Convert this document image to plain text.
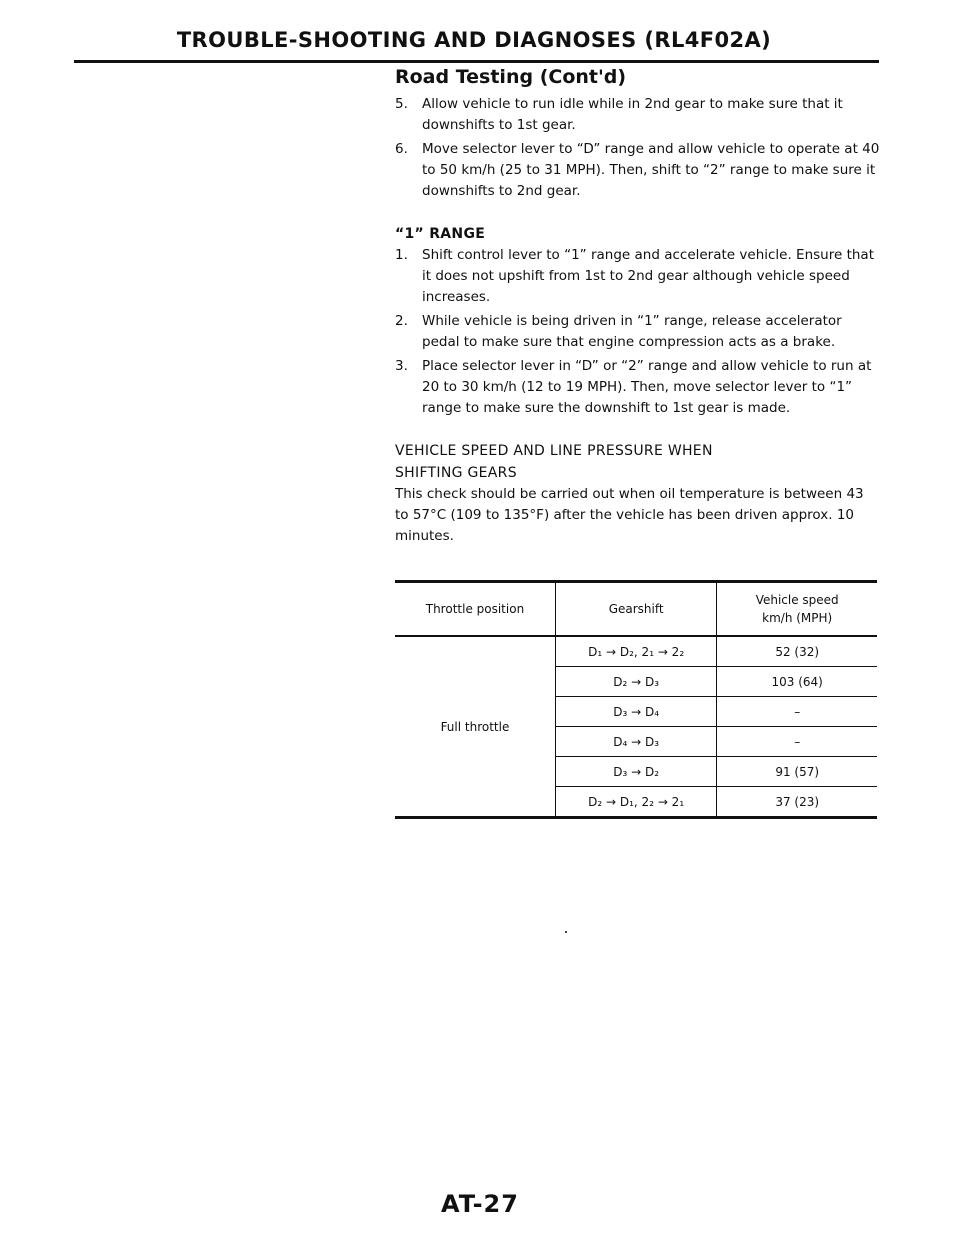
TROUBLE-SHOOTING AND DIAGNOSES (RL4F02A)
Road Testing (Cont'd)
5.	Allow vehicle to run idle while in 2nd gear to make sure that it downshifts to 1st gear.
6.	Move selector lever to “D” range and allow vehicle to operate at 40 to 50 km/h (25 to 31 MPH). Then, shift to “2” range to make sure it downshifts to 2nd gear.
“1” RANGE
1.	Shift control lever to “1” range and accelerate vehicle. Ensure that it does not upshift from 1st to 2nd gear although vehicle speed increases.
2.	While vehicle is being driven in “1” range, release accelerator pedal to make sure that engine compression acts as a brake.
3.	Place selector lever in “D” or “2” range and allow vehicle to run at 20 to 30 km/h (12 to 19 MPH). Then, move selector lever to “1” range to make sure the downshift to 1st gear is made.
VEHICLE SPEED AND LINE PRESSURE WHEN
SHIFTING GEARS
This check should be carried out when oil temperature is between 43 to 57°C (109 to 135°F) after the vehicle has been driven approx. 10 minutes.
Throttle position	Gearshift	Vehicle speed
km/h (MPH)
Full throttle	D₁ → D₂, 2₁ → 2₂	52 (32)
	D₂ → D₃	103 (64)
	D₃ → D₄	–
	D₄ → D₃	–
	D₃ → D₂	91 (57)
	D₂ → D₁, 2₂ → 2₁	37 (23)
AT-27
